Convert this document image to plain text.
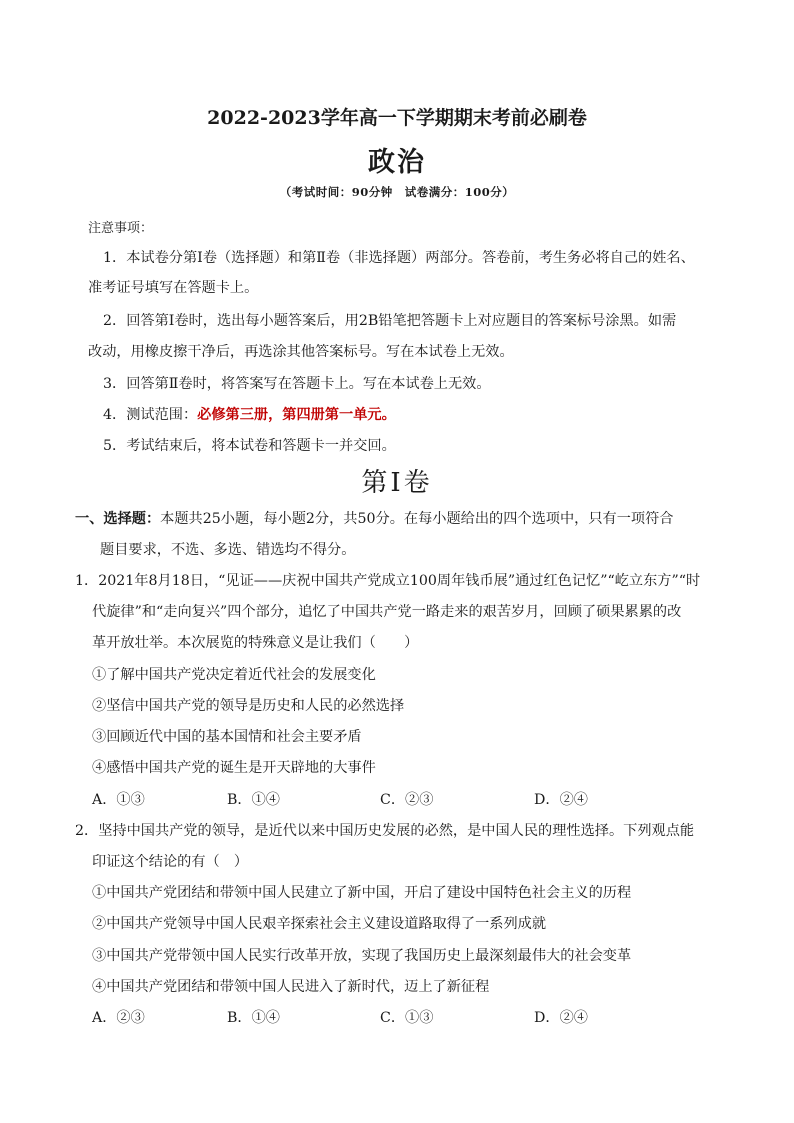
2022-2023学年高一下学期期末考前必刷卷
政治
（考试时间：90分钟　试卷满分：100分）
注意事项：
1．本试卷分第Ⅰ卷（选择题）和第Ⅱ卷（非选择题）两部分。答卷前，考生务必将自己的姓名、
准考证号填写在答题卡上。
2．回答第Ⅰ卷时，选出每小题答案后，用2B铅笔把答题卡上对应题目的答案标号涂黑。如需
改动，用橡皮擦干净后，再选涂其他答案标号。写在本试卷上无效。
3．回答第Ⅱ卷时，将答案写在答题卡上。写在本试卷上无效。
4．测试范围：必修第三册，第四册第一单元。
5．考试结束后，将本试卷和答题卡一并交回。
第Ⅰ卷
一、选择题：本题共25小题，每小题2分，共50分。在每小题给出的四个选项中，只有一项符合
题目要求，不选、多选、错选均不得分。
1．2021年8月18日，“见证——庆祝中国共产党成立100周年钱币展”通过红色记忆”“屹立东方”“时
代旋律”和“走向复兴”四个部分，追忆了中国共产党一路走来的艰苦岁月，回顾了硕果累累的改
革开放壮举。本次展览的特殊意义是让我们（　　）
①了解中国共产党决定着近代社会的发展变化
②坚信中国共产党的领导是历史和人民的必然选择
③回顾近代中国的基本国情和社会主要矛盾
④感悟中国共产党的诞生是开天辟地的大事件
A．①③	B．①④	C．②③	D．②④
2．坚持中国共产党的领导，是近代以来中国历史发展的必然，是中国人民的理性选择。下列观点能
印证这个结论的有（　）
①中国共产党团结和带领中国人民建立了新中国，开启了建设中国特色社会主义的历程
②中国共产党领导中国人民艰辛探索社会主义建设道路取得了一系列成就
③中国共产党带领中国人民实行改革开放，实现了我国历史上最深刻最伟大的社会变革
④中国共产党团结和带领中国人民进入了新时代，迈上了新征程
A．②③	B．①④	C．①③	D．②④
